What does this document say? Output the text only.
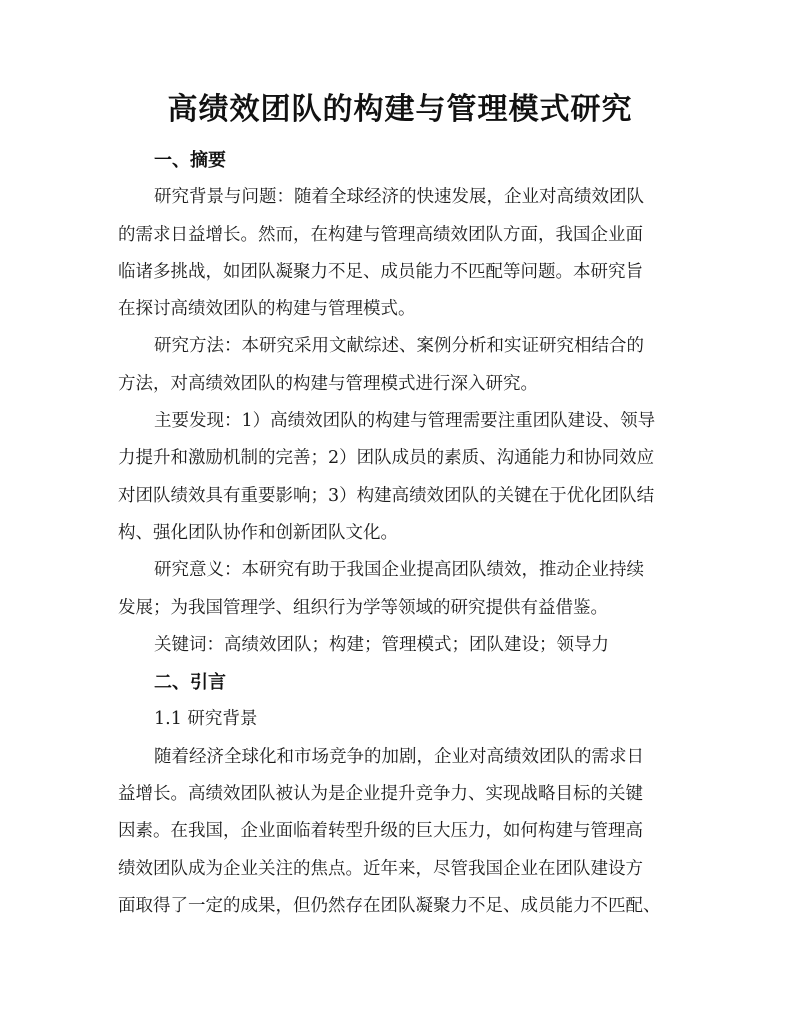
高绩效团队的构建与管理模式研究
一、摘要

研究背景与问题：随着全球经济的快速发展，企业对高绩效团队
的需求日益增长。然而，在构建与管理高绩效团队方面，我国企业面
临诸多挑战，如团队凝聚力不足、成员能力不匹配等问题。本研究旨
在探讨高绩效团队的构建与管理模式。

研究方法：本研究采用文献综述、案例分析和实证研究相结合的
方法，对高绩效团队的构建与管理模式进行深入研究。

主要发现：1）高绩效团队的构建与管理需要注重团队建设、领导
力提升和激励机制的完善；2）团队成员的素质、沟通能力和协同效应
对团队绩效具有重要影响；3）构建高绩效团队的关键在于优化团队结
构、强化团队协作和创新团队文化。

研究意义：本研究有助于我国企业提高团队绩效，推动企业持续
发展；为我国管理学、组织行为学等领域的研究提供有益借鉴。

关键词：高绩效团队；构建；管理模式；团队建设；领导力

二、引言

1.1 研究背景

随着经济全球化和市场竞争的加剧，企业对高绩效团队的需求日
益增长。高绩效团队被认为是企业提升竞争力、实现战略目标的关键
因素。在我国，企业面临着转型升级的巨大压力，如何构建与管理高
绩效团队成为企业关注的焦点。近年来，尽管我国企业在团队建设方
面取得了一定的成果，但仍然存在团队凝聚力不足、成员能力不匹配、
